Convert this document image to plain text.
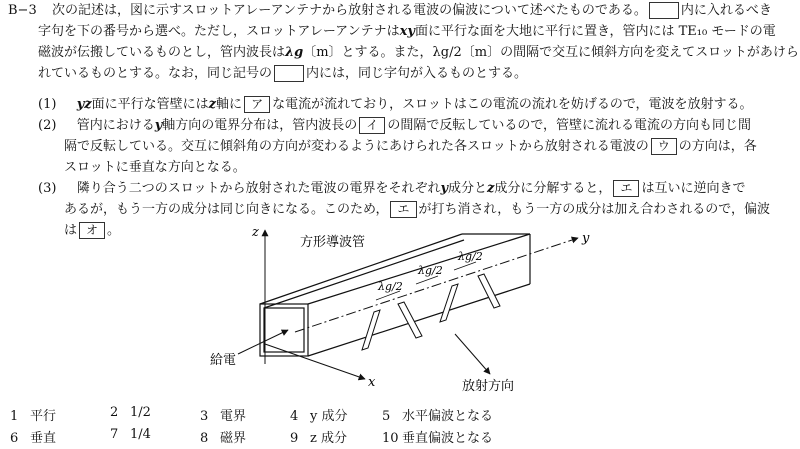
B−3 次の記述は，図に示すスロットアレーアンテナから放射される電波の偏波について述べたものである。	内に入れるべき
字句を下の番号から選べ。ただし，スロットアレーアンテナはxy面に平行な面を大地に平行に置き，管内には TE₁₀ モードの電
磁波が伝搬しているものとし，管内波長はλg〔m〕とする。また，λg/2〔m〕の間隔で交互に傾斜方向を変えてスロットがあけら
れているものとする。なお，同じ記号の	内には，同じ字句が入るものとする。
(1) yz面に平行な管壁にはz軸に ア な電流が流れており，スロットはこの電流の流れを妨げるので，電波を放射する。
(2) 管内におけるy軸方向の電界分布は，管内波長の イ の間隔で反転しているので，管壁に流れる電流の方向も同じ間
隔で反転している。交互に傾斜角の方向が変わるようにあけられた各スロットから放射される電波の ウ の方向は，各
スロットに垂直な方向となる。
(3) 隣り合う二つのスロットから放射された電波の電界をそれぞれy成分とz成分に分解すると， エ は互いに逆向きで
あるが，もう一方の成分は同じ向きになる。このため， エ が打ち消され，もう一方の成分は加え合わされるので，偏波
は オ 。	z
x
y
λg/2
λg/2
λg/2
方形導波管
給電
放射方向
1 平行	2 1/2	3 電界	4 y 成分	5 水平偏波となる
6 垂直	7 1/4	8 磁界	9 z 成分	10 垂直偏波となる
